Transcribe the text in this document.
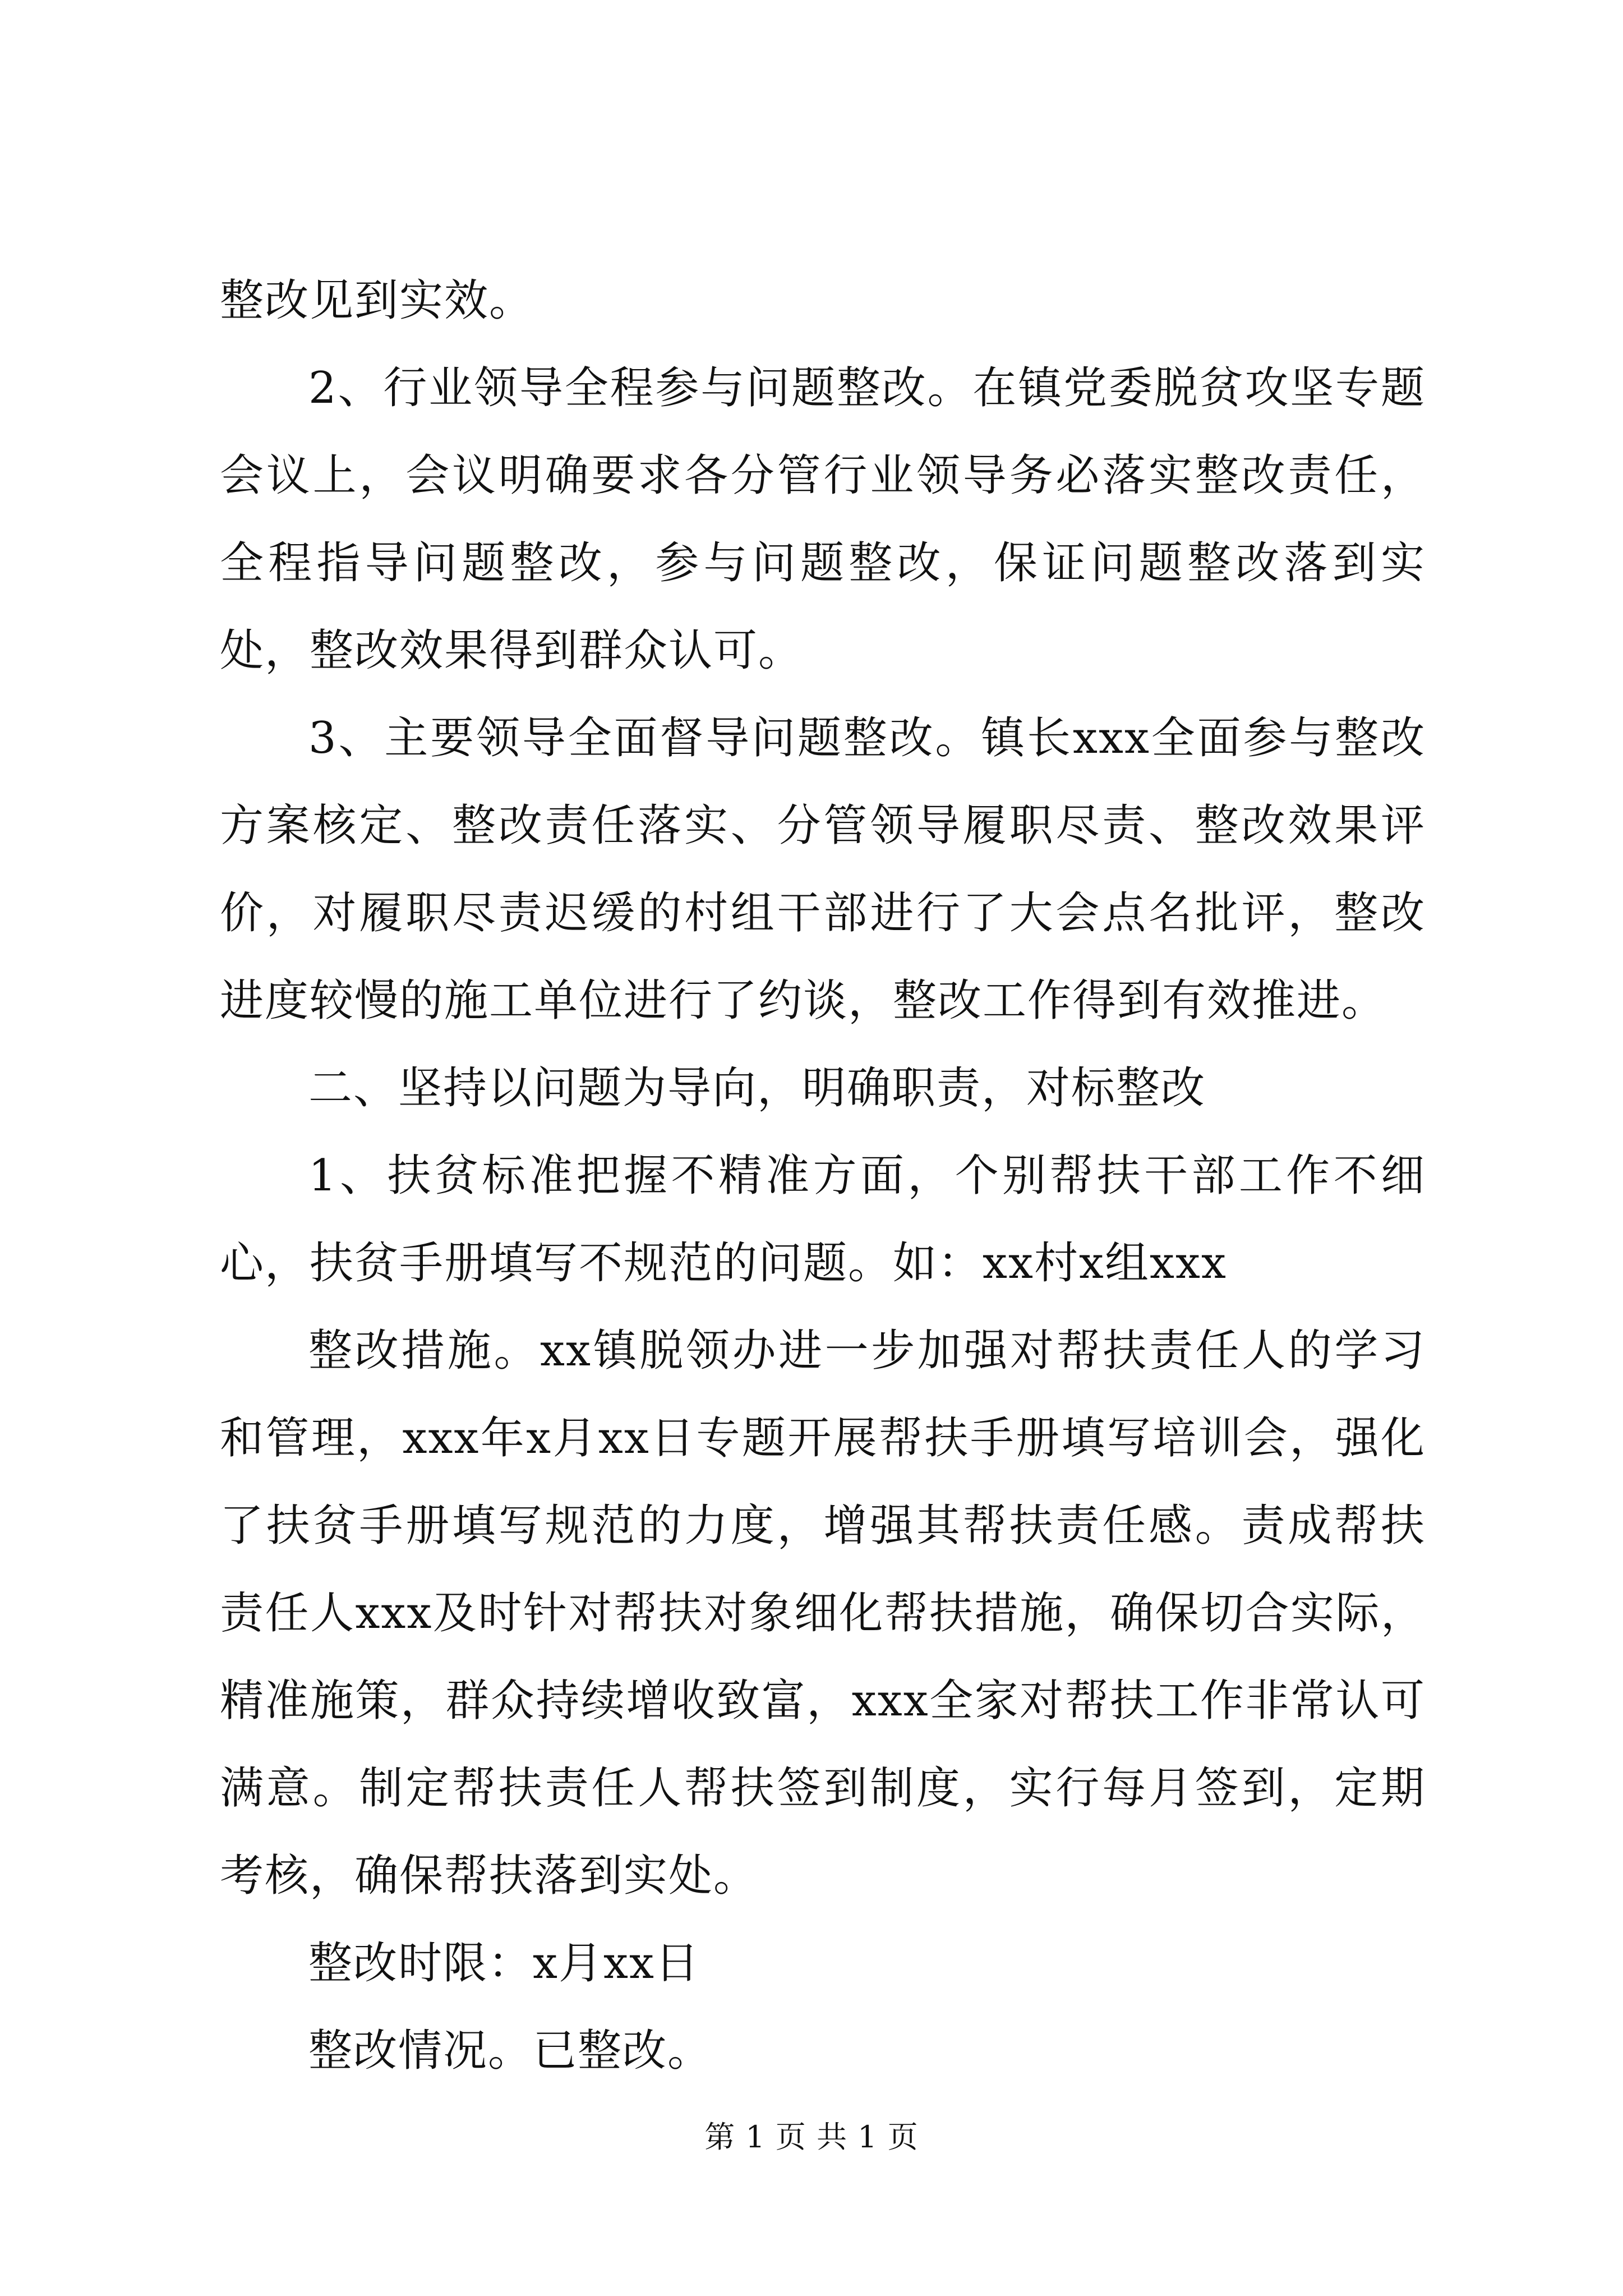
整改见到实效。

2、行业领导全程参与问题整改。在镇党委脱贫攻坚专题会议上，会议明确要求各分管行业领导务必落实整改责任，全程指导问题整改，参与问题整改，保证问题整改落到实处，整改效果得到群众认可。

3、主要领导全面督导问题整改。镇长xxx全面参与整改方案核定、整改责任落实、分管领导履职尽责、整改效果评价，对履职尽责迟缓的村组干部进行了大会点名批评，整改进度较慢的施工单位进行了约谈，整改工作得到有效推进。

二、坚持以问题为导向，明确职责，对标整改

1、扶贫标准把握不精准方面，个别帮扶干部工作不细心，扶贫手册填写不规范的问题。如：xx村x组xxx

整改措施。xx镇脱领办进一步加强对帮扶责任人的学习和管理，xxx年x月xx日专题开展帮扶手册填写培训会，强化了扶贫手册填写规范的力度，增强其帮扶责任感。责成帮扶责任人xxx及时针对帮扶对象细化帮扶措施，确保切合实际，精准施策，群众持续增收致富，xxx全家对帮扶工作非常认可满意。制定帮扶责任人帮扶签到制度，实行每月签到，定期考核，确保帮扶落到实处。

整改时限：x月xx日

整改情况。已整改。

第 1 页 共 1 页
